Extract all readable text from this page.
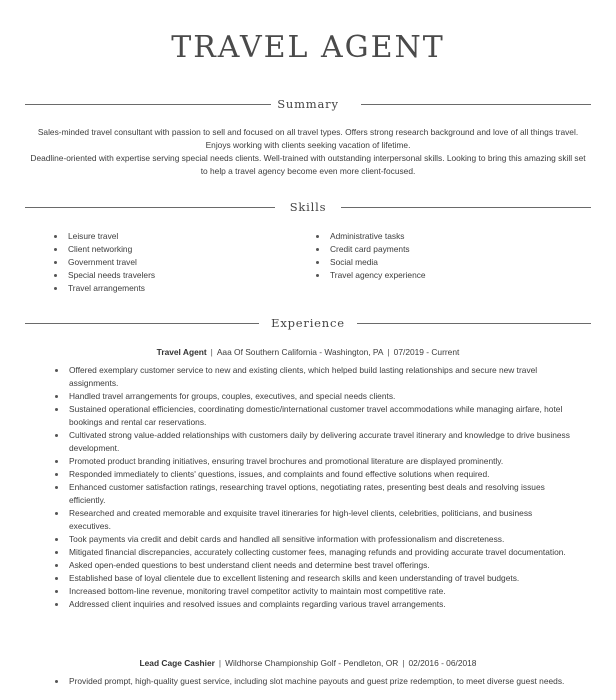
TRAVEL AGENT
Summary

Sales-minded travel consultant with passion to sell and focused on all travel types. Offers strong research background and love of all things travel. Enjoys working with clients seeking vacation of lifetime.

Deadline-oriented with expertise serving special needs clients. Well-trained with outstanding interpersonal skills. Looking to bring this amazing skill set to help a travel agency become even more client-focused.

Skills
Leisure travel
Client networking
Government travel
Special needs travelers
Travel arrangements
Administrative tasks
Credit card payments
Social media
Travel agency experience
Experience
Travel Agent | Aaa Of Southern California - Washington, PA | 07/2019 - Current
Offered exemplary customer service to new and existing clients, which helped build lasting relationships and secure new travel assignments.
Handled travel arrangements for groups, couples, executives, and special needs clients.
Sustained operational efficiencies, coordinating domestic/international customer travel accommodations while managing airfare, hotel bookings and rental car reservations.
Cultivated strong value-added relationships with customers daily by delivering accurate travel itinerary and knowledge to drive business development.
Promoted product branding initiatives, ensuring travel brochures and promotional literature are displayed prominently.
Responded immediately to clients' questions, issues, and complaints and found effective solutions when required.
Enhanced customer satisfaction ratings, researching travel options, negotiating rates, presenting best deals and resolving issues efficiently.
Researched and created memorable and exquisite travel itineraries for high-level clients, celebrities, politicians, and business executives.
Took payments via credit and debit cards and handled all sensitive information with professionalism and discreteness.
Mitigated financial discrepancies, accurately collecting customer fees, managing refunds and providing accurate travel documentation.
Asked open-ended questions to best understand client needs and determine best travel offerings.
Established base of loyal clientele due to excellent listening and research skills and keen understanding of travel budgets.
Increased bottom-line revenue, monitoring travel competitor activity to maintain most competitive rate.
Addressed client inquiries and resolved issues and complaints regarding various travel arrangements.
Lead Cage Cashier | Wildhorse Championship Golf - Pendleton, OR | 02/2016 - 06/2018
Provided prompt, high-quality guest service, including slot machine payouts and guest prize redemption, to meet diverse guest needs.
